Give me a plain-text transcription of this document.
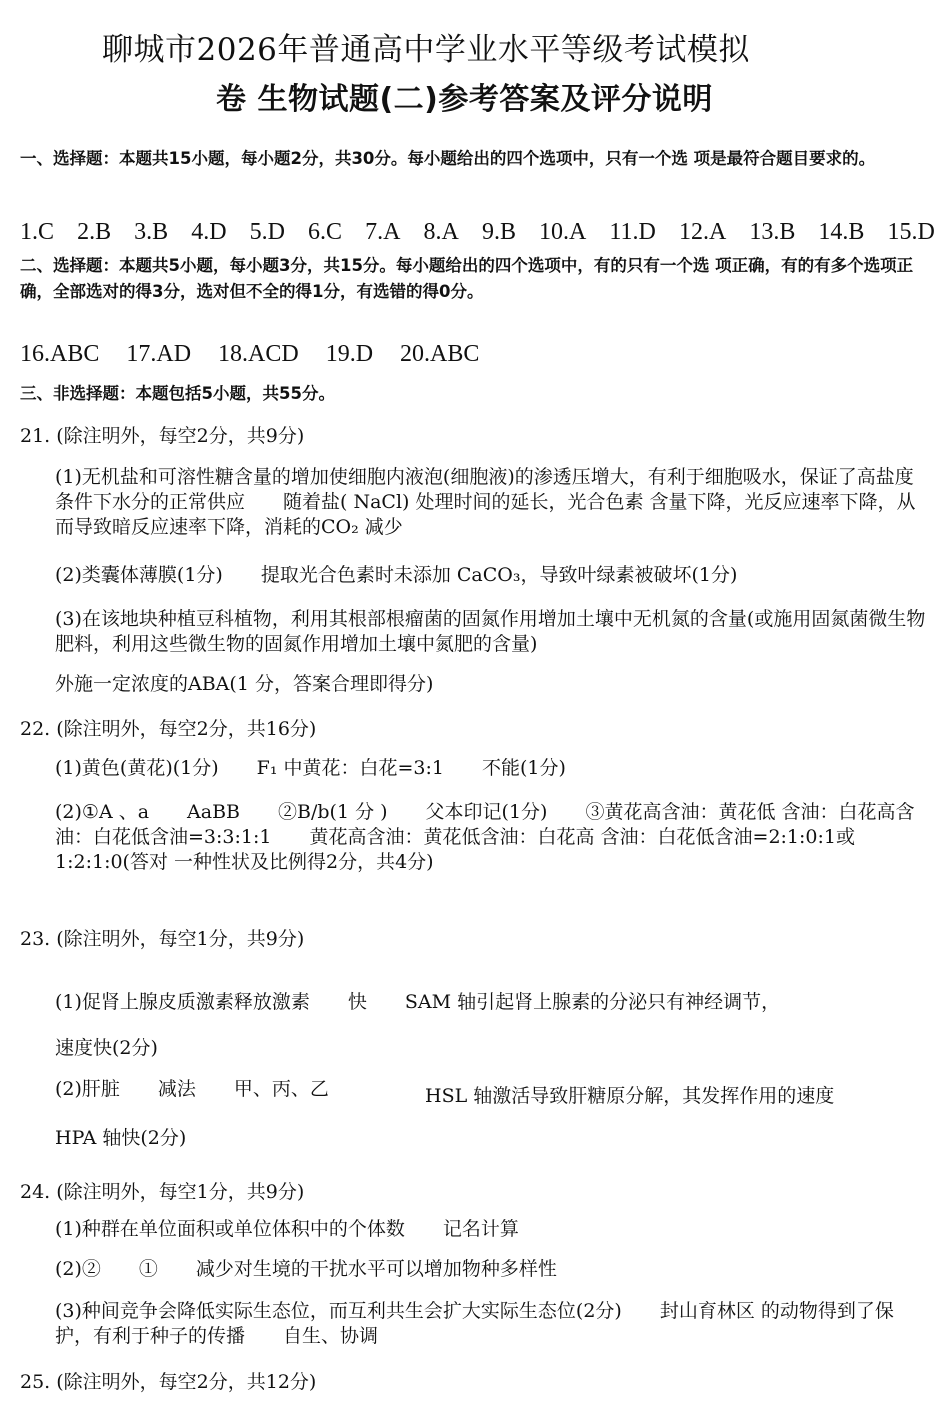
聊城市2026年普通高中学业水平等级考试模拟
卷 生物试题(二)参考答案及评分说明
一、选择题：本题共15小题，每小题2分，共30分。每小题给出的四个选项中，只有一个选 项是最符合题目要求的。
1.C 2.B 3.B 4.D 5.D 6.C 7.A 8.A 9.B 10.A 11.D 12.A 13.B 14.B 15.D
二、选择题：本题共5小题，每小题3分，共15分。每小题给出的四个选项中，有的只有一个选 项正确，有的有多个选项正确，全部选对的得3分，选对但不全的得1分，有选错的得0分。
16.ABC 17.AD 18.ACD 19.D 20.ABC
三、非选择题：本题包括5小题，共55分。
21. (除注明外，每空2分，共9分)
(1)无机盐和可溶性糖含量的增加使细胞内液泡(细胞液)的渗透压增大，有利于细胞吸水，保证了高盐度条件下水分的正常供应　　随着盐( NaCl) 处理时间的延长，光合色素 含量下降，光反应速率下降，从而导致暗反应速率下降，消耗的CO₂ 减少
(2)类囊体薄膜(1分)　　提取光合色素时未添加 CaCO₃，导致叶绿素被破坏(1分)
(3)在该地块种植豆科植物，利用其根部根瘤菌的固氮作用增加土壤中无机氮的含量(或施用固氮菌微生物肥料，利用这些微生物的固氮作用增加土壤中氮肥的含量)
外施一定浓度的ABA(1 分，答案合理即得分)
22. (除注明外，每空2分，共16分)
(1)黄色(黄花)(1分)　　F₁ 中黄花：白花=3:1　　不能(1分)
(2)①A 、a　　AaBB　　②B/b(1 分 )　　父本印记(1分)　　③黄花高含油：黄花低 含油：白花高含油：白花低含油=3:3:1:1　　黄花高含油：黄花低含油：白花高 含油：白花低含油=2:1:0:1或1:2:1:0(答对 一种性状及比例得2分，共4分)
23. (除注明外，每空1分，共9分)
(1)促肾上腺皮质激素释放激素　　快　　SAM 轴引起肾上腺素的分泌只有神经调节，
速度快(2分)
(2)肝脏　　减法　　甲、丙、乙	HSL 轴激活导致肝糖原分解，其发挥作用的速度
HPA 轴快(2分)
24. (除注明外，每空1分，共9分)
(1)种群在单位面积或单位体积中的个体数　　记名计算
(2)②　　①　　减少对生境的干扰水平可以增加物种多样性
(3)种间竞争会降低实际生态位，而互利共生会扩大实际生态位(2分)　　封山育林区 的动物得到了保护，有利于种子的传播　　自生、协调
25. (除注明外，每空2分，共12分)
